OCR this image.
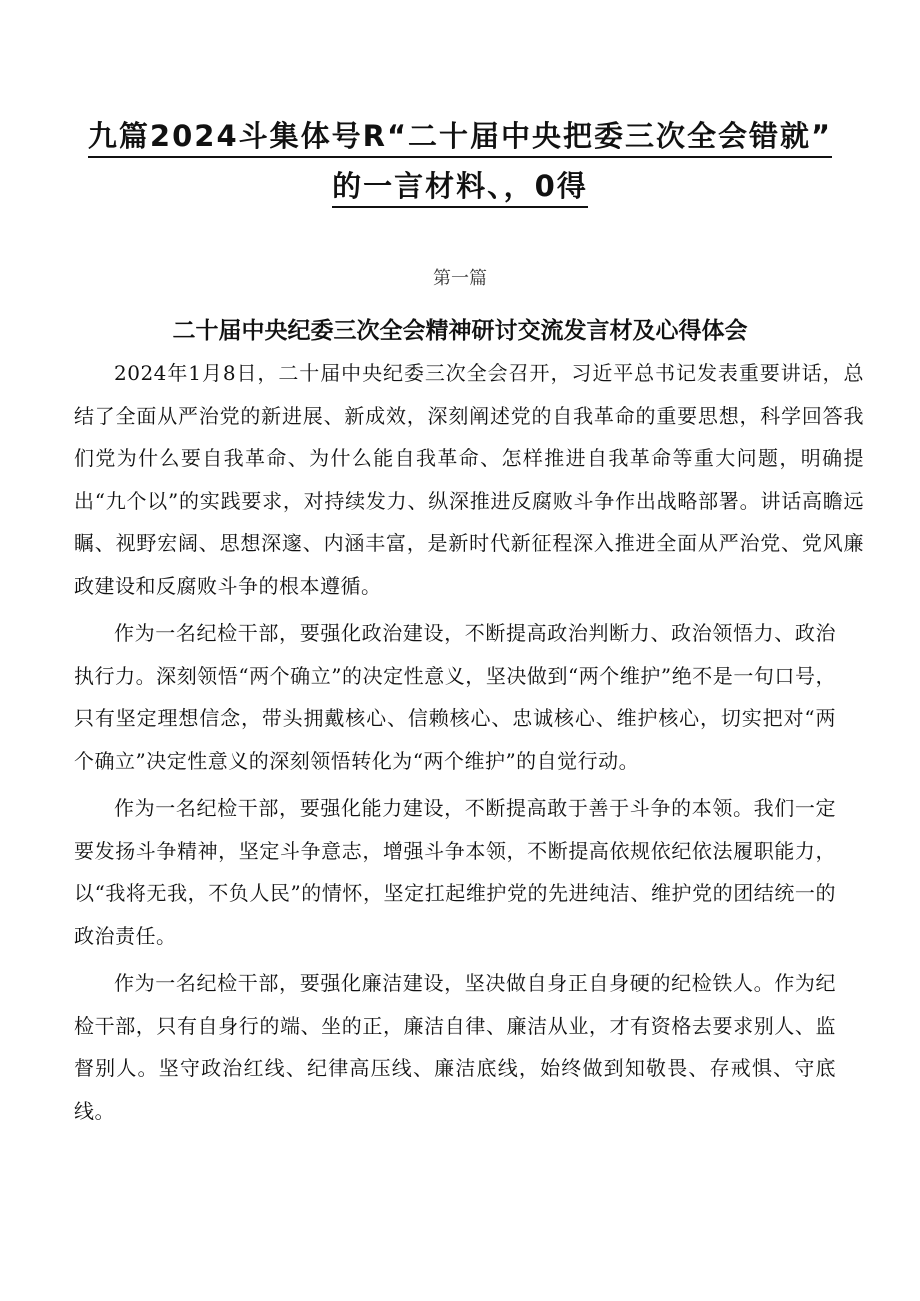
九篇2024斗集体号R“二十届中央把委三次全会错就”
的一言材料、，0得
第一篇
二十届中央纪委三次全会精神研讨交流发言材及心得体会

2024年1月8日，二十届中央纪委三次全会召开，习近平总书记发表重要讲话，总结了全面从严治党的新进展、新成效，深刻阐述党的自我革命的重要思想，科学回答我们党为什么要自我革命、为什么能自我革命、怎样推进自我革命等重大问题，明确提出“九个以”的实践要求，对持续发力、纵深推进反腐败斗争作出战略部署。讲话高瞻远瞩、视野宏阔、思想深邃、内涵丰富，是新时代新征程深入推进全面从严治党、党风廉政建设和反腐败斗争的根本遵循。

作为一名纪检干部，要强化政治建设，不断提高政治判断力、政治领悟力、政治执行力。深刻领悟“两个确立”的决定性意义，坚决做到“两个维护”绝不是一句口号，只有坚定理想信念，带头拥戴核心、信赖核心、忠诚核心、维护核心，切实把对“两个确立”决定性意义的深刻领悟转化为“两个维护”的自觉行动。

作为一名纪检干部，要强化能力建设，不断提高敢于善于斗争的本领。我们一定要发扬斗争精神，坚定斗争意志，增强斗争本领，不断提高依规依纪依法履职能力，以“我将无我，不负人民”的情怀，坚定扛起维护党的先进纯洁、维护党的团结统一的政治责任。

作为一名纪检干部，要强化廉洁建设，坚决做自身正自身硬的纪检铁人。作为纪检干部，只有自身行的端、坐的正，廉洁自律、廉洁从业，才有资格去要求别人、监督别人。坚守政治红线、纪律高压线、廉洁底线，始终做到知敬畏、存戒惧、守底线。
